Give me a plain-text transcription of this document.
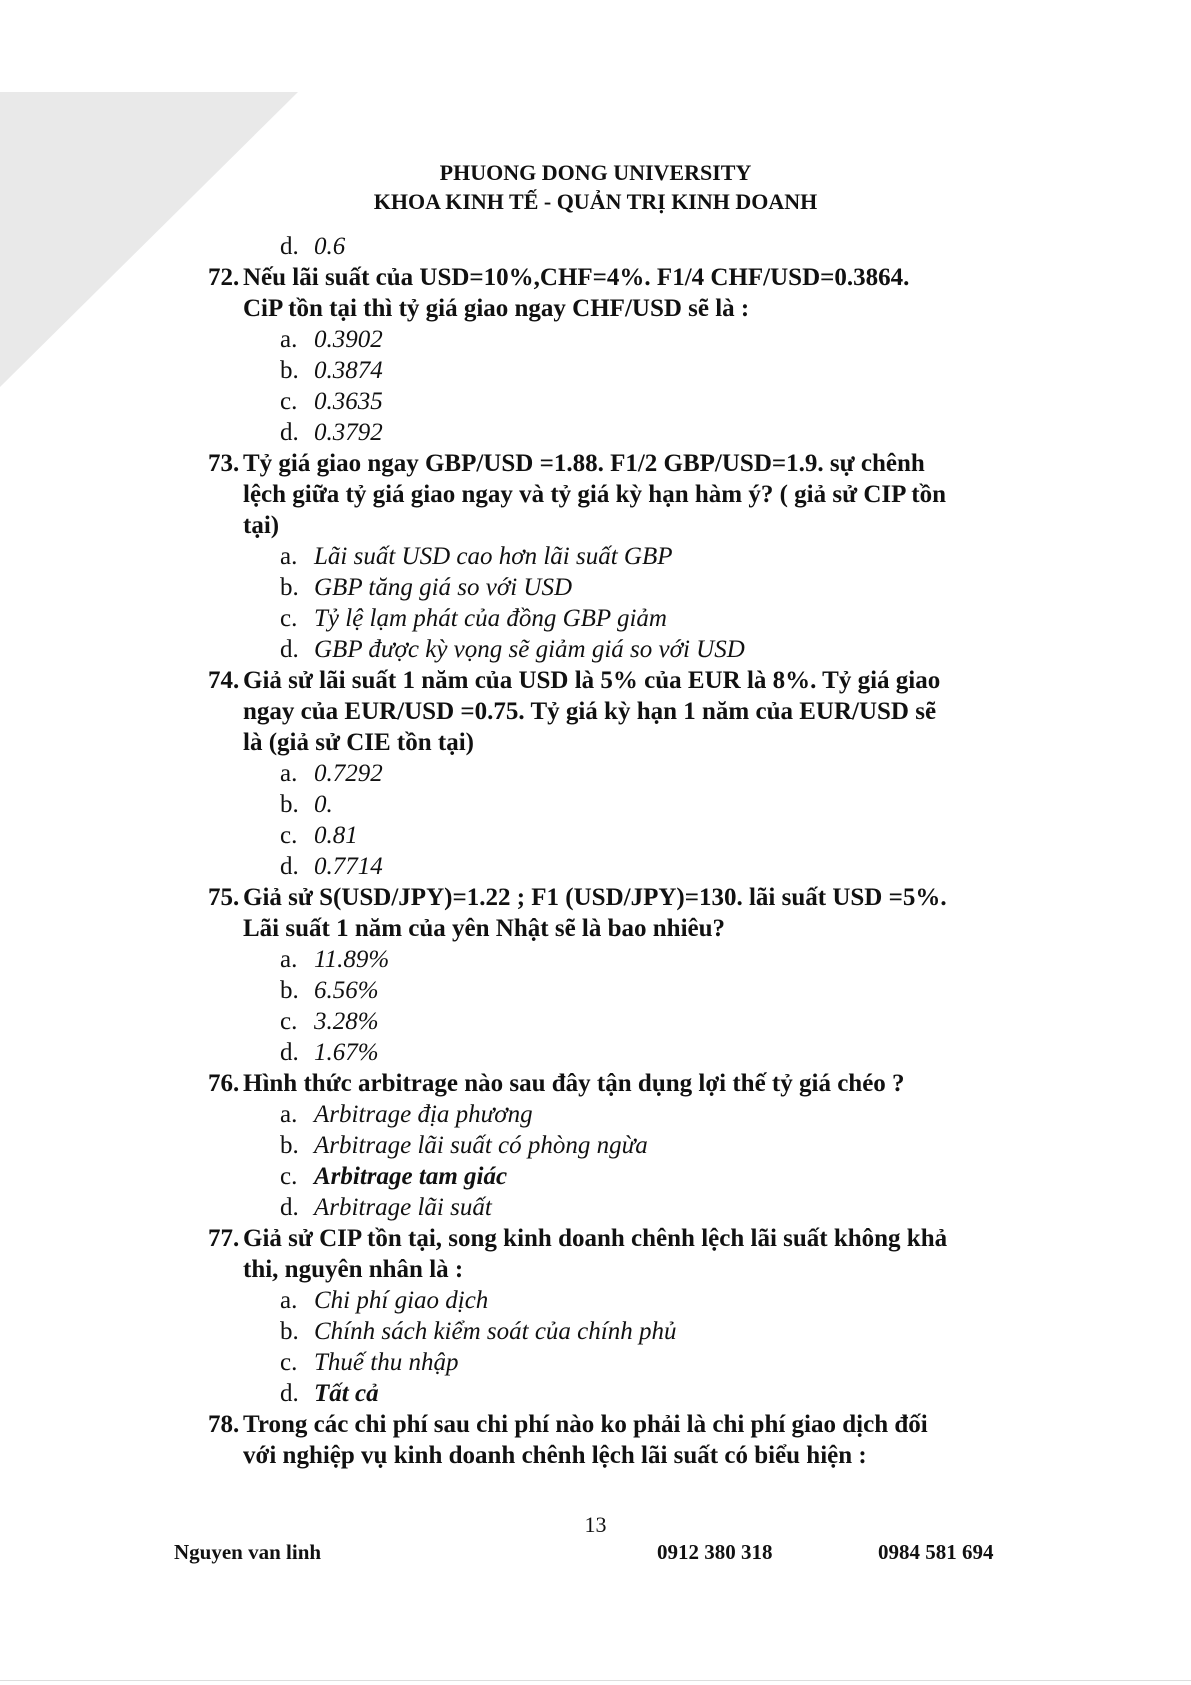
PHUONG DONG UNIVERSITY
KHOA KINH TẾ - QUẢN TRỊ KINH DOANH
d. 0.6
72. Nếu lãi suất của USD=10%,CHF=4%. F1/4 CHF/USD=0.3864.
CiP tồn tại thì tỷ giá giao ngay CHF/USD sẽ là :
a. 0.3902
b. 0.3874
c. 0.3635
d. 0.3792
73. Tỷ giá giao ngay GBP/USD =1.88. F1/2 GBP/USD=1.9. sự chênh
lệch giữa tỷ giá giao ngay và tỷ giá kỳ hạn hàm ý? ( giả sử CIP tồn
tại)
a. Lãi suất USD cao hơn lãi suất GBP
b. GBP tăng giá so với USD
c. Tỷ lệ lạm phát của đồng GBP giảm
d. GBP được kỳ vọng sẽ giảm giá so với USD
74. Giả sử lãi suất 1 năm của USD là 5% của EUR là 8%. Tỷ giá giao
ngay của EUR/USD =0.75. Tỷ giá kỳ hạn 1 năm của EUR/USD sẽ
là (giả sử CIE tồn tại)
a. 0.7292
b. 0.
c. 0.81
d. 0.7714
75. Giả sử S(USD/JPY)=1.22 ; F1 (USD/JPY)=130. lãi suất USD =5%.
Lãi suất 1 năm của yên Nhật sẽ là bao nhiêu?
a. 11.89%
b. 6.56%
c. 3.28%
d. 1.67%
76. Hình thức arbitrage nào sau đây tận dụng lợi thế tỷ giá chéo ?
a. Arbitrage địa phương
b. Arbitrage lãi suất có phòng ngừa
c. Arbitrage tam giác
d. Arbitrage lãi suất
77. Giả sử CIP tồn tại, song kinh doanh chênh lệch lãi suất không khả
thi, nguyên nhân là :
a. Chi phí giao dịch
b. Chính sách kiểm soát của chính phủ
c. Thuế thu nhập
d. Tất cả
78. Trong các chi phí sau chi phí nào ko phải là chi phí giao dịch đối
với nghiệp vụ kinh doanh chênh lệch lãi suất có biểu hiện :
13
Nguyen van linh	0912 380 318	0984 581 694
